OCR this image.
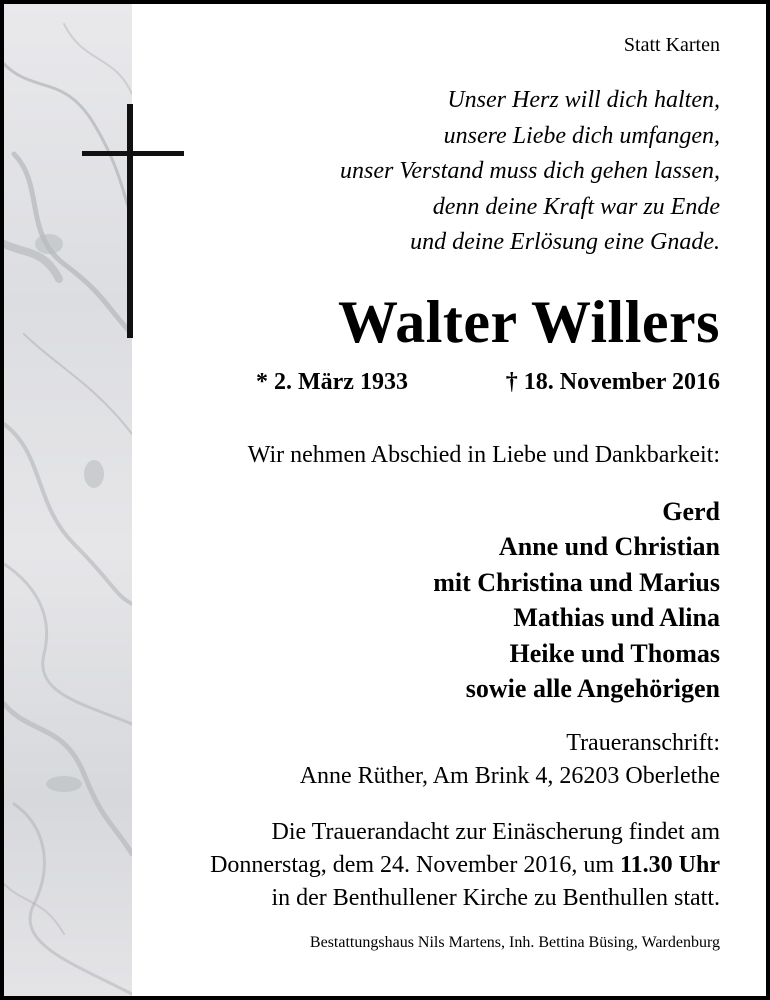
Statt Karten
Unser Herz will dich halten,
unsere Liebe dich umfangen,
unser Verstand muss dich gehen lassen,
denn deine Kraft war zu Ende
und deine Erlösung eine Gnade.
Walter Willers
* 2. März 1933	† 18. November 2016
Wir nehmen Abschied in Liebe und Dankbarkeit:
Gerd
Anne und Christian
mit Christina und Marius
Mathias und Alina
Heike und Thomas
sowie alle Angehörigen
Traueranschrift:
Anne Rüther, Am Brink 4, 26203 Oberlethe
Die Trauerandacht zur Einäscherung findet am
Donnerstag, dem 24. November 2016, um 11.30 Uhr
in der Benthullener Kirche zu Benthullen statt.
Bestattungshaus Nils Martens, Inh. Bettina Büsing, Wardenburg
